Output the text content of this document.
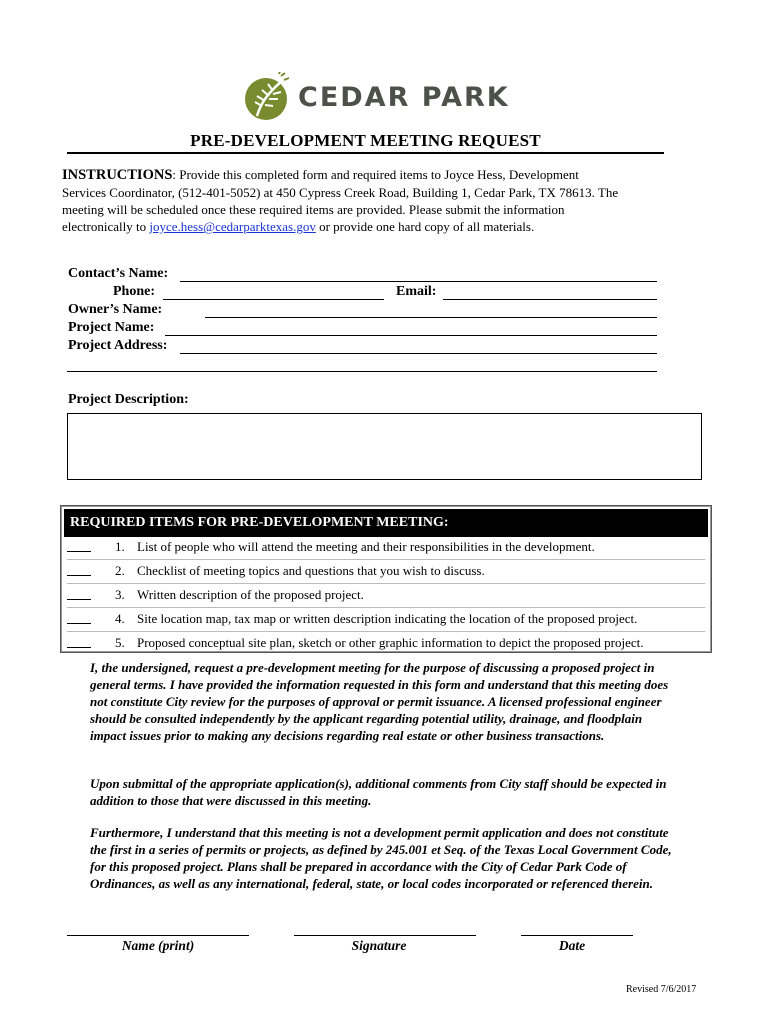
CEDAR PARK
PRE-DEVELOPMENT MEETING REQUEST
INSTRUCTIONS: Provide this completed form and required items to Joyce Hess, Development Services Coordinator, (512-401-5052) at 450 Cypress Creek Road, Building 1, Cedar Park, TX 78613. The meeting will be scheduled once these required items are provided. Please submit the information electronically to joyce.hess@cedarparktexas.gov or provide one hard copy of all materials.
Contact’s Name:
Phone:	Email:
Owner’s Name:
Project Name:
Project Address:
Project Description:
REQUIRED ITEMS FOR PRE-DEVELOPMENT MEETING:
1. List of people who will attend the meeting and their responsibilities in the development.
2. Checklist of meeting topics and questions that you wish to discuss.
3. Written description of the proposed project.
4. Site location map, tax map or written description indicating the location of the proposed project.
5. Proposed conceptual site plan, sketch or other graphic information to depict the proposed project.
I, the undersigned, request a pre-development meeting for the purpose of discussing a proposed project in general terms. I have provided the information requested in this form and understand that this meeting does not constitute City review for the purposes of approval or permit issuance. A licensed professional engineer should be consulted independently by the applicant regarding potential utility, drainage, and floodplain impact issues prior to making any decisions regarding real estate or other business transactions.
Upon submittal of the appropriate application(s), additional comments from City staff should be expected in addition to those that were discussed in this meeting.
Furthermore, I understand that this meeting is not a development permit application and does not constitute the first in a series of permits or projects, as defined by 245.001 et Seq. of the Texas Local Government Code, for this proposed project. Plans shall be prepared in accordance with the City of Cedar Park Code of Ordinances, as well as any international, federal, state, or local codes incorporated or referenced therein.
Name (print)	Signature	Date
Revised 7/6/2017
